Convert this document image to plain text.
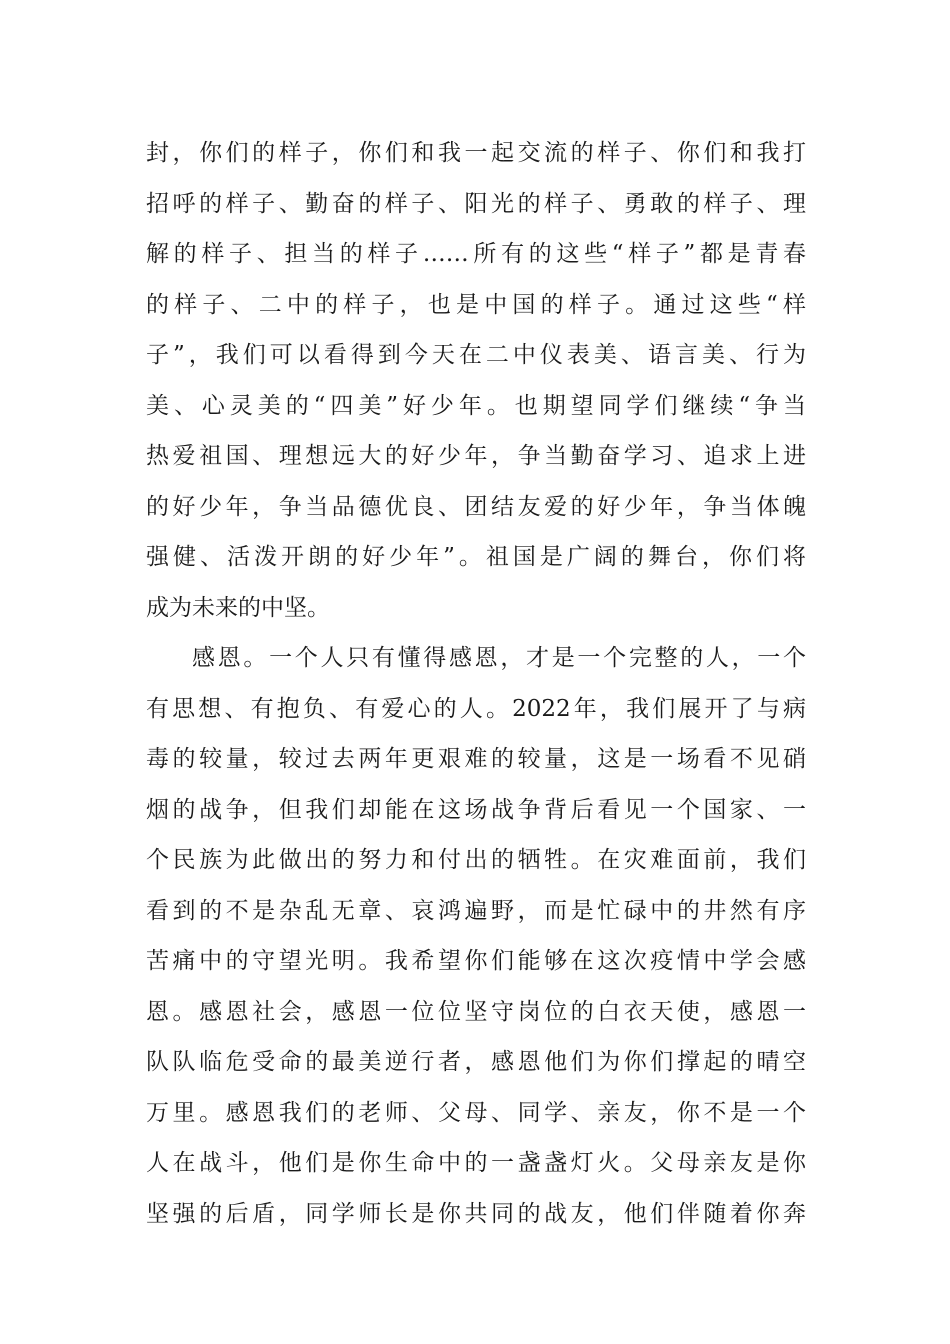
封，你们的样子，你们和我一起交流的样子、你们和我打
招呼的样子、勤奋的样子、阳光的样子、勇敢的样子、理
解的样子、担当的样子……所有的这些“样子”都是青春
的样子、二中的样子，也是中国的样子。通过这些“样
子”，我们可以看得到今天在二中仪表美、语言美、行为
美、心灵美的“四美”好少年。也期望同学们继续“争当
热爱祖国、理想远大的好少年，争当勤奋学习、追求上进
的好少年，争当品德优良、团结友爱的好少年，争当体魄
强健、活泼开朗的好少年”。祖国是广阔的舞台，你们将
成为未来的中坚。
感恩。一个人只有懂得感恩，才是一个完整的人，一个
有思想、有抱负、有爱心的人。2022年，我们展开了与病
毒的较量，较过去两年更艰难的较量，这是一场看不见硝
烟的战争，但我们却能在这场战争背后看见一个国家、一
个民族为此做出的努力和付出的牺牲。在灾难面前，我们
看到的不是杂乱无章、哀鸿遍野，而是忙碌中的井然有序
苦痛中的守望光明。我希望你们能够在这次疫情中学会感
恩。感恩社会，感恩一位位坚守岗位的白衣天使，感恩一
队队临危受命的最美逆行者，感恩他们为你们撑起的晴空
万里。感恩我们的老师、父母、同学、亲友，你不是一个
人在战斗，他们是你生命中的一盏盏灯火。父母亲友是你
坚强的后盾，同学师长是你共同的战友，他们伴随着你奔
